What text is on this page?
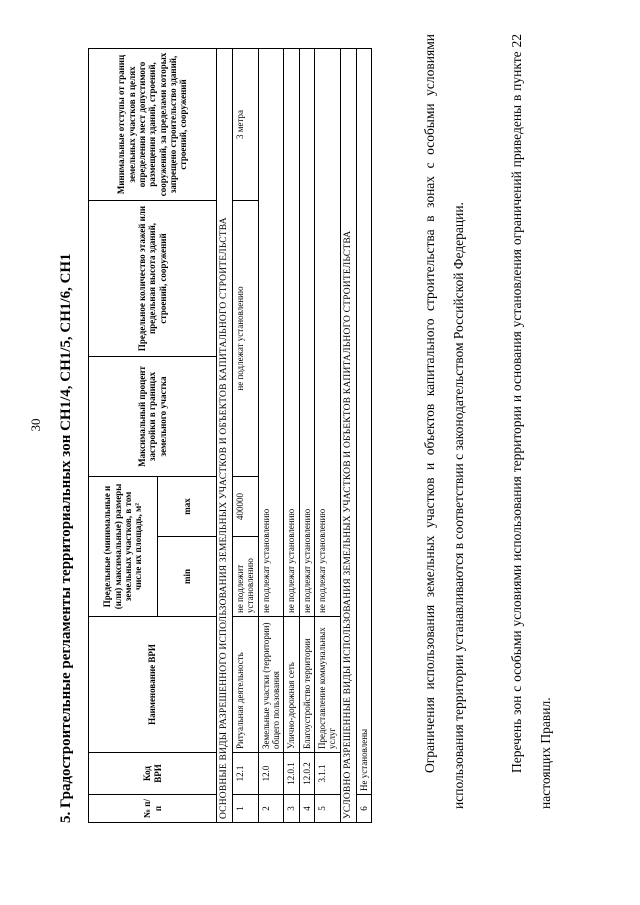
30 5. Градостроительные регламенты территориальных зон СН1/4, СН1/5, СН1/6, СН1	№ п/п	Код ВРИ	Наименование ВРИ	Предельные (минимальные и (или) максимальные) размеры земельных участков, в том числе их площадь, м²		Максимальный процент застройки в границах земельного участка	Предельное количество этажей или предельная высота зданий, строений, сооружений	Минимальные отступы от границ земельных участков в целях определения мест допустимого размещения зданий, строений, сооружений, за пределами которых запрещено строительство зданий, строений, сооружений
			min	max			
ОСНОВНЫЕ ВИДЫ РАЗРЕШЕННОГО ИСПОЛЬЗОВАНИЯ ЗЕМЕЛЬНЫХ УЧАСТКОВ И ОБЪЕКТОВ КАПИТАЛЬНОГО СТРОИТЕЛЬСТВА							
1	12.1	Ритуальная деятельность	не подлежит установлению	400000	не подлежат установлению		3 метра
2	12.0	Земельные участки (территории) общего пользования	не подлежат установлению				
3	12.0.1	Улично-дорожная сеть	не подлежат установлению				
4	12.0.2	Благоустройство территории	не подлежат установлению				
5	3.1.1	Предоставление коммунальных услуг	не подлежат установлению				
УСЛОВНО РАЗРЕШЕННЫЕ ВИДЫ ИСПОЛЬЗОВАНИЯ ЗЕМЕЛЬНЫХ УЧАСТКОВ И ОБЪЕКТОВ КАПИТАЛЬНОГО СТРОИТЕЛЬСТВА							
6	Не установлены							Ограничения использования земельных участков и объектов капитального строительства в зонах с особыми условиями использования территории устанавливаются в соответствии с законодательством Российской Федерации.	Перечень зон с особыми условиями использования территории и основания установления ограничений приведены в пункте 22 настоящих Правил.
